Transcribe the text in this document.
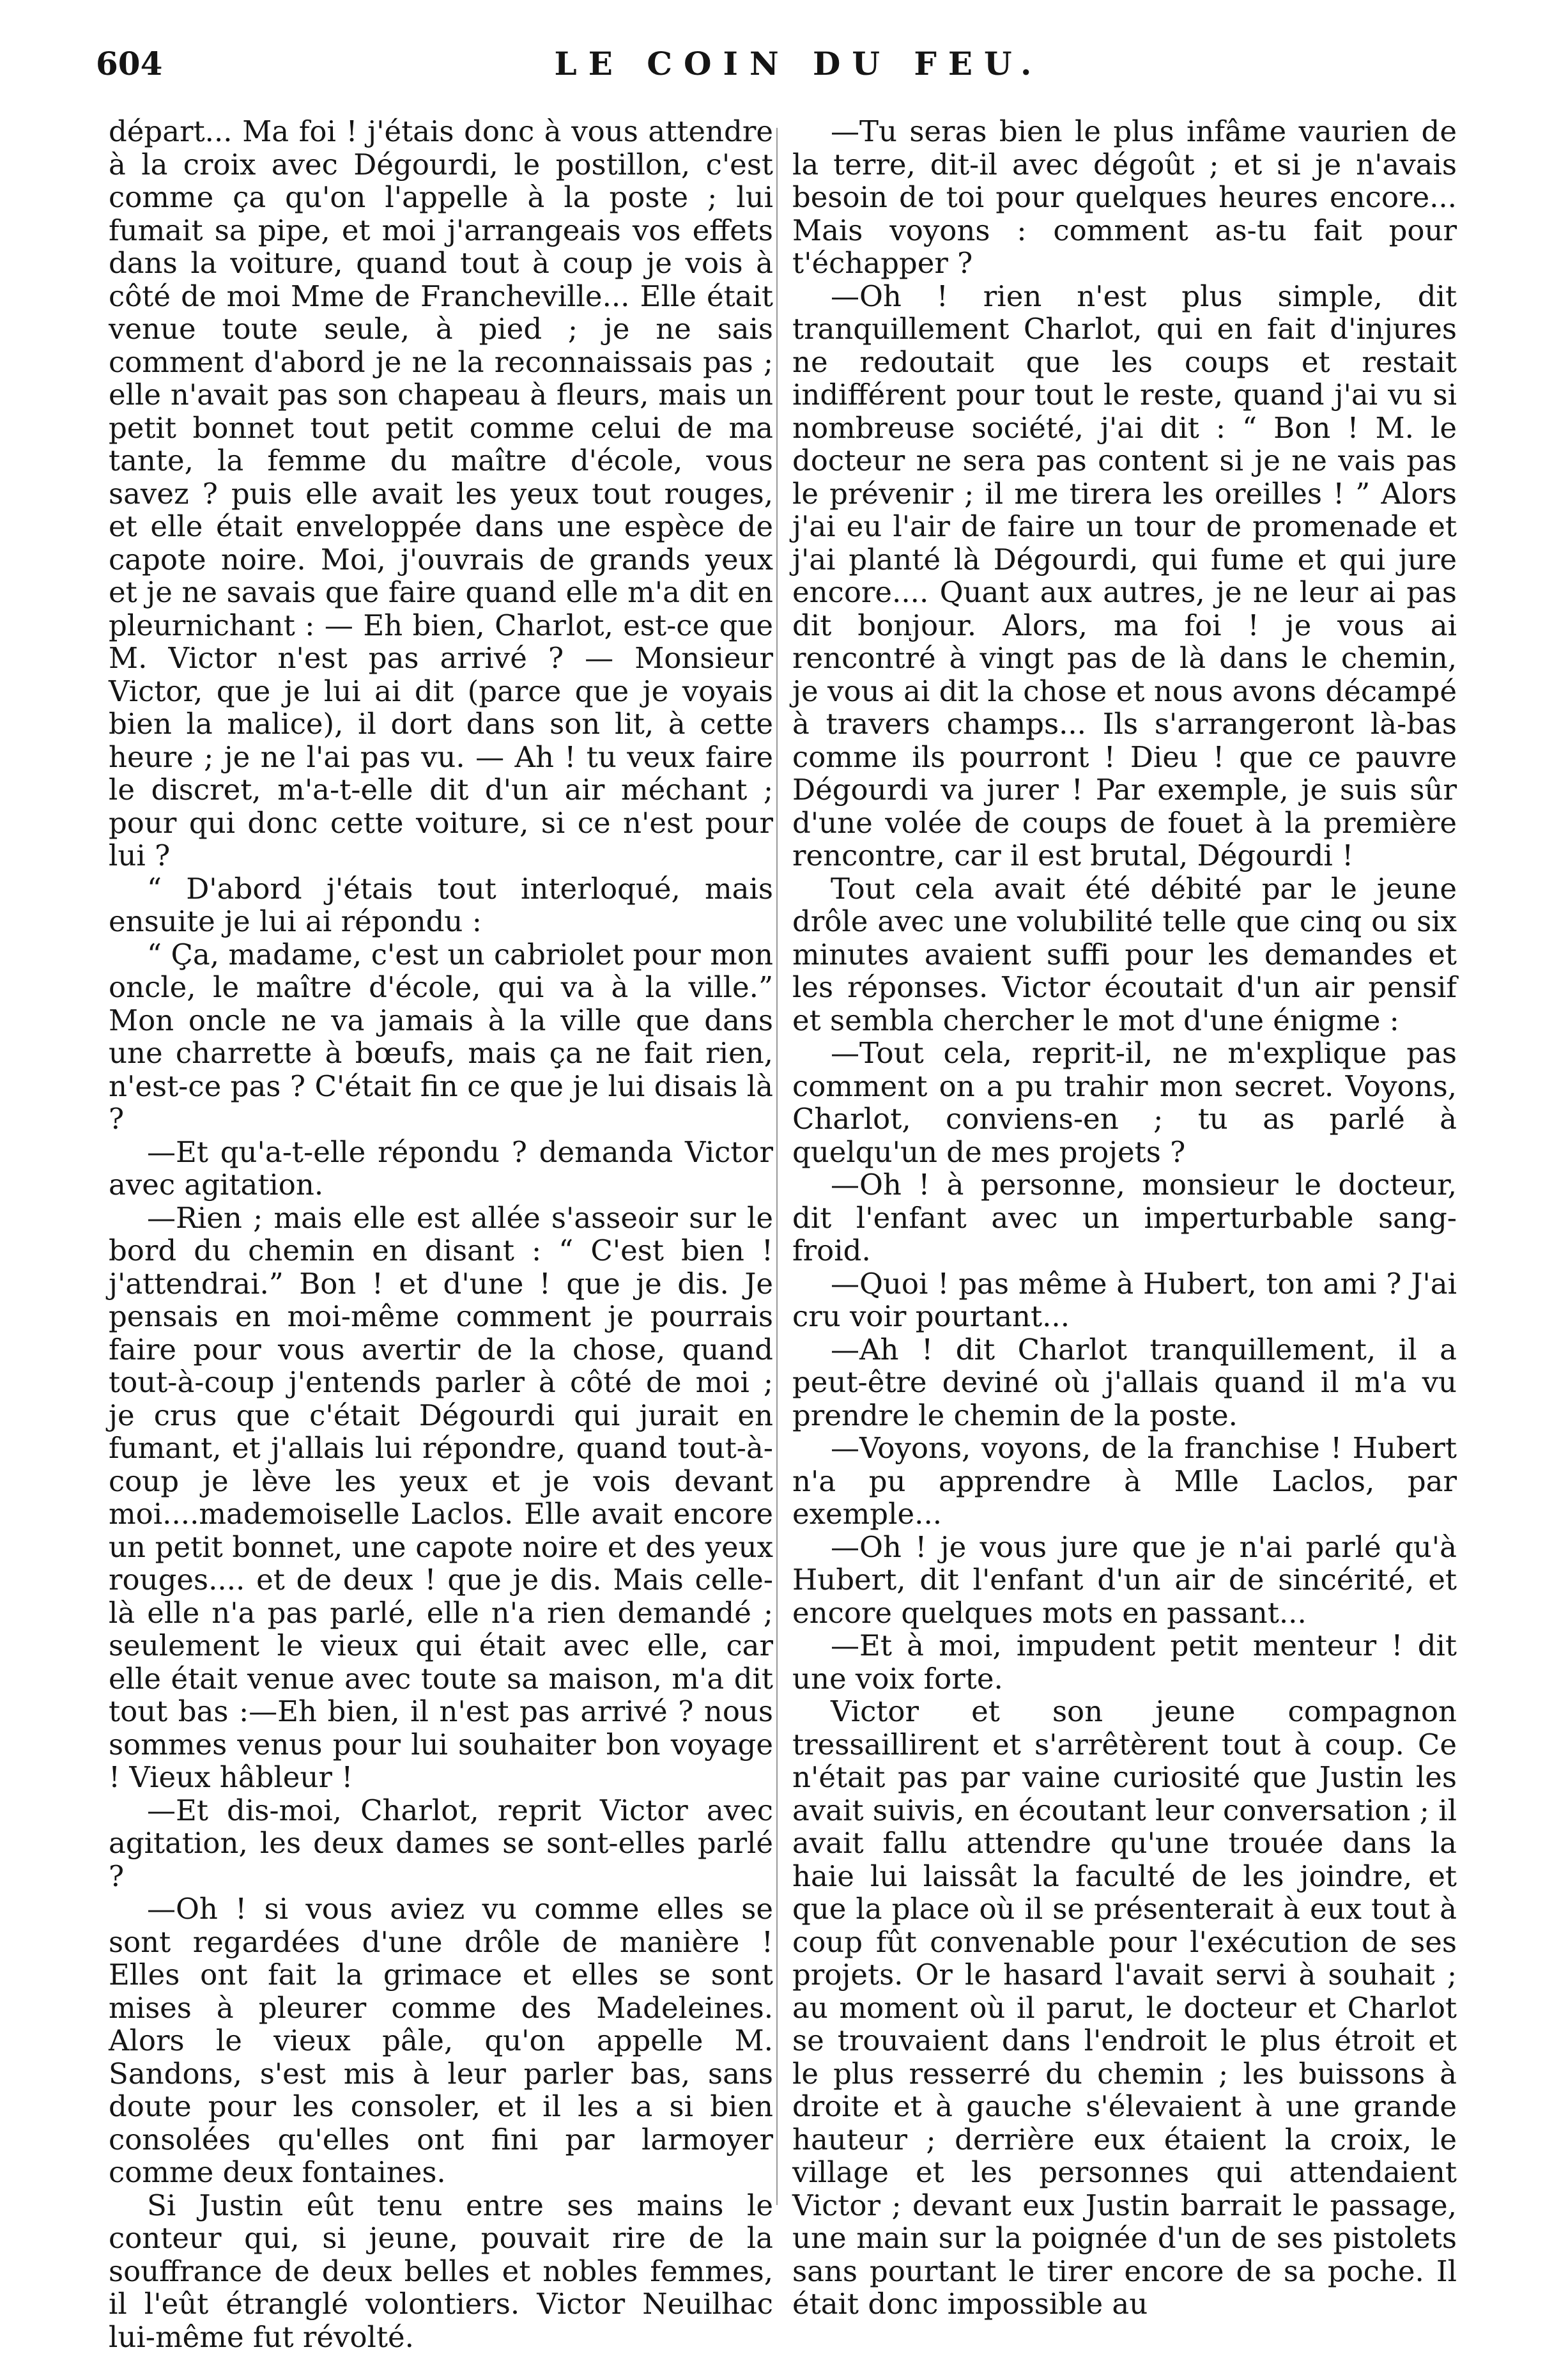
604	LE COIN DU FEU.

départ... Ma foi ! j'étais donc à vous attendre à la croix avec Dégourdi, le postillon, c'est comme ça qu'on l'appelle à la poste ; lui fumait sa pipe, et moi j'arrangeais vos effets dans la voiture, quand tout à coup je vois à côté de moi Mme de Francheville... Elle était venue toute seule, à pied ; je ne sais comment d'abord je ne la reconnaissais pas ; elle n'avait pas son chapeau à fleurs, mais un petit bonnet tout petit comme celui de ma tante, la femme du maître d'école, vous savez ? puis elle avait les yeux tout rouges, et elle était enveloppée dans une espèce de capote noire. Moi, j'ouvrais de grands yeux et je ne savais que faire quand elle m'a dit en pleurnichant : — Eh bien, Charlot, est-ce que M. Victor n'est pas arrivé ? — Monsieur Victor, que je lui ai dit (parce que je voyais bien la malice), il dort dans son lit, à cette heure ; je ne l'ai pas vu. — Ah ! tu veux faire le discret, m'a-t-elle dit d'un air méchant ; pour qui donc cette voiture, si ce n'est pour lui ?

“ D'abord j'étais tout interloqué, mais ensuite je lui ai répondu :

“ Ça, madame, c'est un cabriolet pour mon oncle, le maître d'école, qui va à la ville.” Mon oncle ne va jamais à la ville que dans une charrette à bœufs, mais ça ne fait rien, n'est-ce pas ? C'était fin ce que je lui disais là ?

—Et qu'a-t-elle répondu ? demanda Victor avec agitation.

—Rien ; mais elle est allée s'asseoir sur le bord du chemin en disant : “ C'est bien ! j'attendrai.” Bon ! et d'une ! que je dis. Je pensais en moi-même comment je pourrais faire pour vous avertir de la chose, quand tout-à-coup j'entends parler à côté de moi ; je crus que c'était Dégourdi qui jurait en fumant, et j'allais lui répondre, quand tout-à-coup je lève les yeux et je vois devant moi....mademoiselle Laclos. Elle avait encore un petit bonnet, une capote noire et des yeux rouges.... et de deux ! que je dis. Mais celle-là elle n'a pas parlé, elle n'a rien demandé ; seulement le vieux qui était avec elle, car elle était venue avec toute sa maison, m'a dit tout bas :—Eh bien, il n'est pas arrivé ? nous sommes venus pour lui souhaiter bon voyage ! Vieux hâbleur !

—Et dis-moi, Charlot, reprit Victor avec agitation, les deux dames se sont-elles parlé ?

—Oh ! si vous aviez vu comme elles se sont regardées d'une drôle de manière ! Elles ont fait la grimace et elles se sont mises à pleurer comme des Madeleines. Alors le vieux pâle, qu'on appelle M. Sandons, s'est mis à leur parler bas, sans doute pour les consoler, et il les a si bien consolées qu'elles ont fini par larmoyer comme deux fontaines.

Si Justin eût tenu entre ses mains le conteur qui, si jeune, pouvait rire de la souffrance de deux belles et nobles femmes, il l'eût étranglé volontiers. Victor Neuilhac lui-même fut révolté.

—Tu seras bien le plus infâme vaurien de la terre, dit-il avec dégoût ; et si je n'avais besoin de toi pour quelques heures encore... Mais voyons : comment as-tu fait pour t'échapper ?

—Oh ! rien n'est plus simple, dit tranquillement Charlot, qui en fait d'injures ne redoutait que les coups et restait indifférent pour tout le reste, quand j'ai vu si nombreuse société, j'ai dit : “ Bon ! M. le docteur ne sera pas content si je ne vais pas le prévenir ; il me tirera les oreilles ! ” Alors j'ai eu l'air de faire un tour de promenade et j'ai planté là Dégourdi, qui fume et qui jure encore.... Quant aux autres, je ne leur ai pas dit bonjour. Alors, ma foi ! je vous ai rencontré à vingt pas de là dans le chemin, je vous ai dit la chose et nous avons décampé à travers champs... Ils s'arrangeront là-bas comme ils pourront ! Dieu ! que ce pauvre Dégourdi va jurer ! Par exemple, je suis sûr d'une volée de coups de fouet à la première rencontre, car il est brutal, Dégourdi !

Tout cela avait été débité par le jeune drôle avec une volubilité telle que cinq ou six minutes avaient suffi pour les demandes et les réponses. Victor écoutait d'un air pensif et sembla chercher le mot d'une énigme :

—Tout cela, reprit-il, ne m'explique pas comment on a pu trahir mon secret. Voyons, Charlot, conviens-en ; tu as parlé à quelqu'un de mes projets ?

—Oh ! à personne, monsieur le docteur, dit l'enfant avec un imperturbable sang-froid.

—Quoi ! pas même à Hubert, ton ami ? J'ai cru voir pourtant...

—Ah ! dit Charlot tranquillement, il a peut-être deviné où j'allais quand il m'a vu prendre le chemin de la poste.

—Voyons, voyons, de la franchise ! Hubert n'a pu apprendre à Mlle Laclos, par exemple...

—Oh ! je vous jure que je n'ai parlé qu'à Hubert, dit l'enfant d'un air de sincérité, et encore quelques mots en passant...

—Et à moi, impudent petit menteur ! dit une voix forte.

Victor et son jeune compagnon tressaillirent et s'arrêtèrent tout à coup. Ce n'était pas par vaine curiosité que Justin les avait suivis, en écoutant leur conversation ; il avait fallu attendre qu'une trouée dans la haie lui laissât la faculté de les joindre, et que la place où il se présenterait à eux tout à coup fût convenable pour l'exécution de ses projets. Or le hasard l'avait servi à souhait ; au moment où il parut, le docteur et Charlot se trouvaient dans l'endroit le plus étroit et le plus resserré du chemin ; les buissons à droite et à gauche s'élevaient à une grande hauteur ; derrière eux étaient la croix, le village et les personnes qui attendaient Victor ; devant eux Justin barrait le passage, une main sur la poignée d'un de ses pistolets sans pourtant le tirer encore de sa poche. Il était donc impossible au
